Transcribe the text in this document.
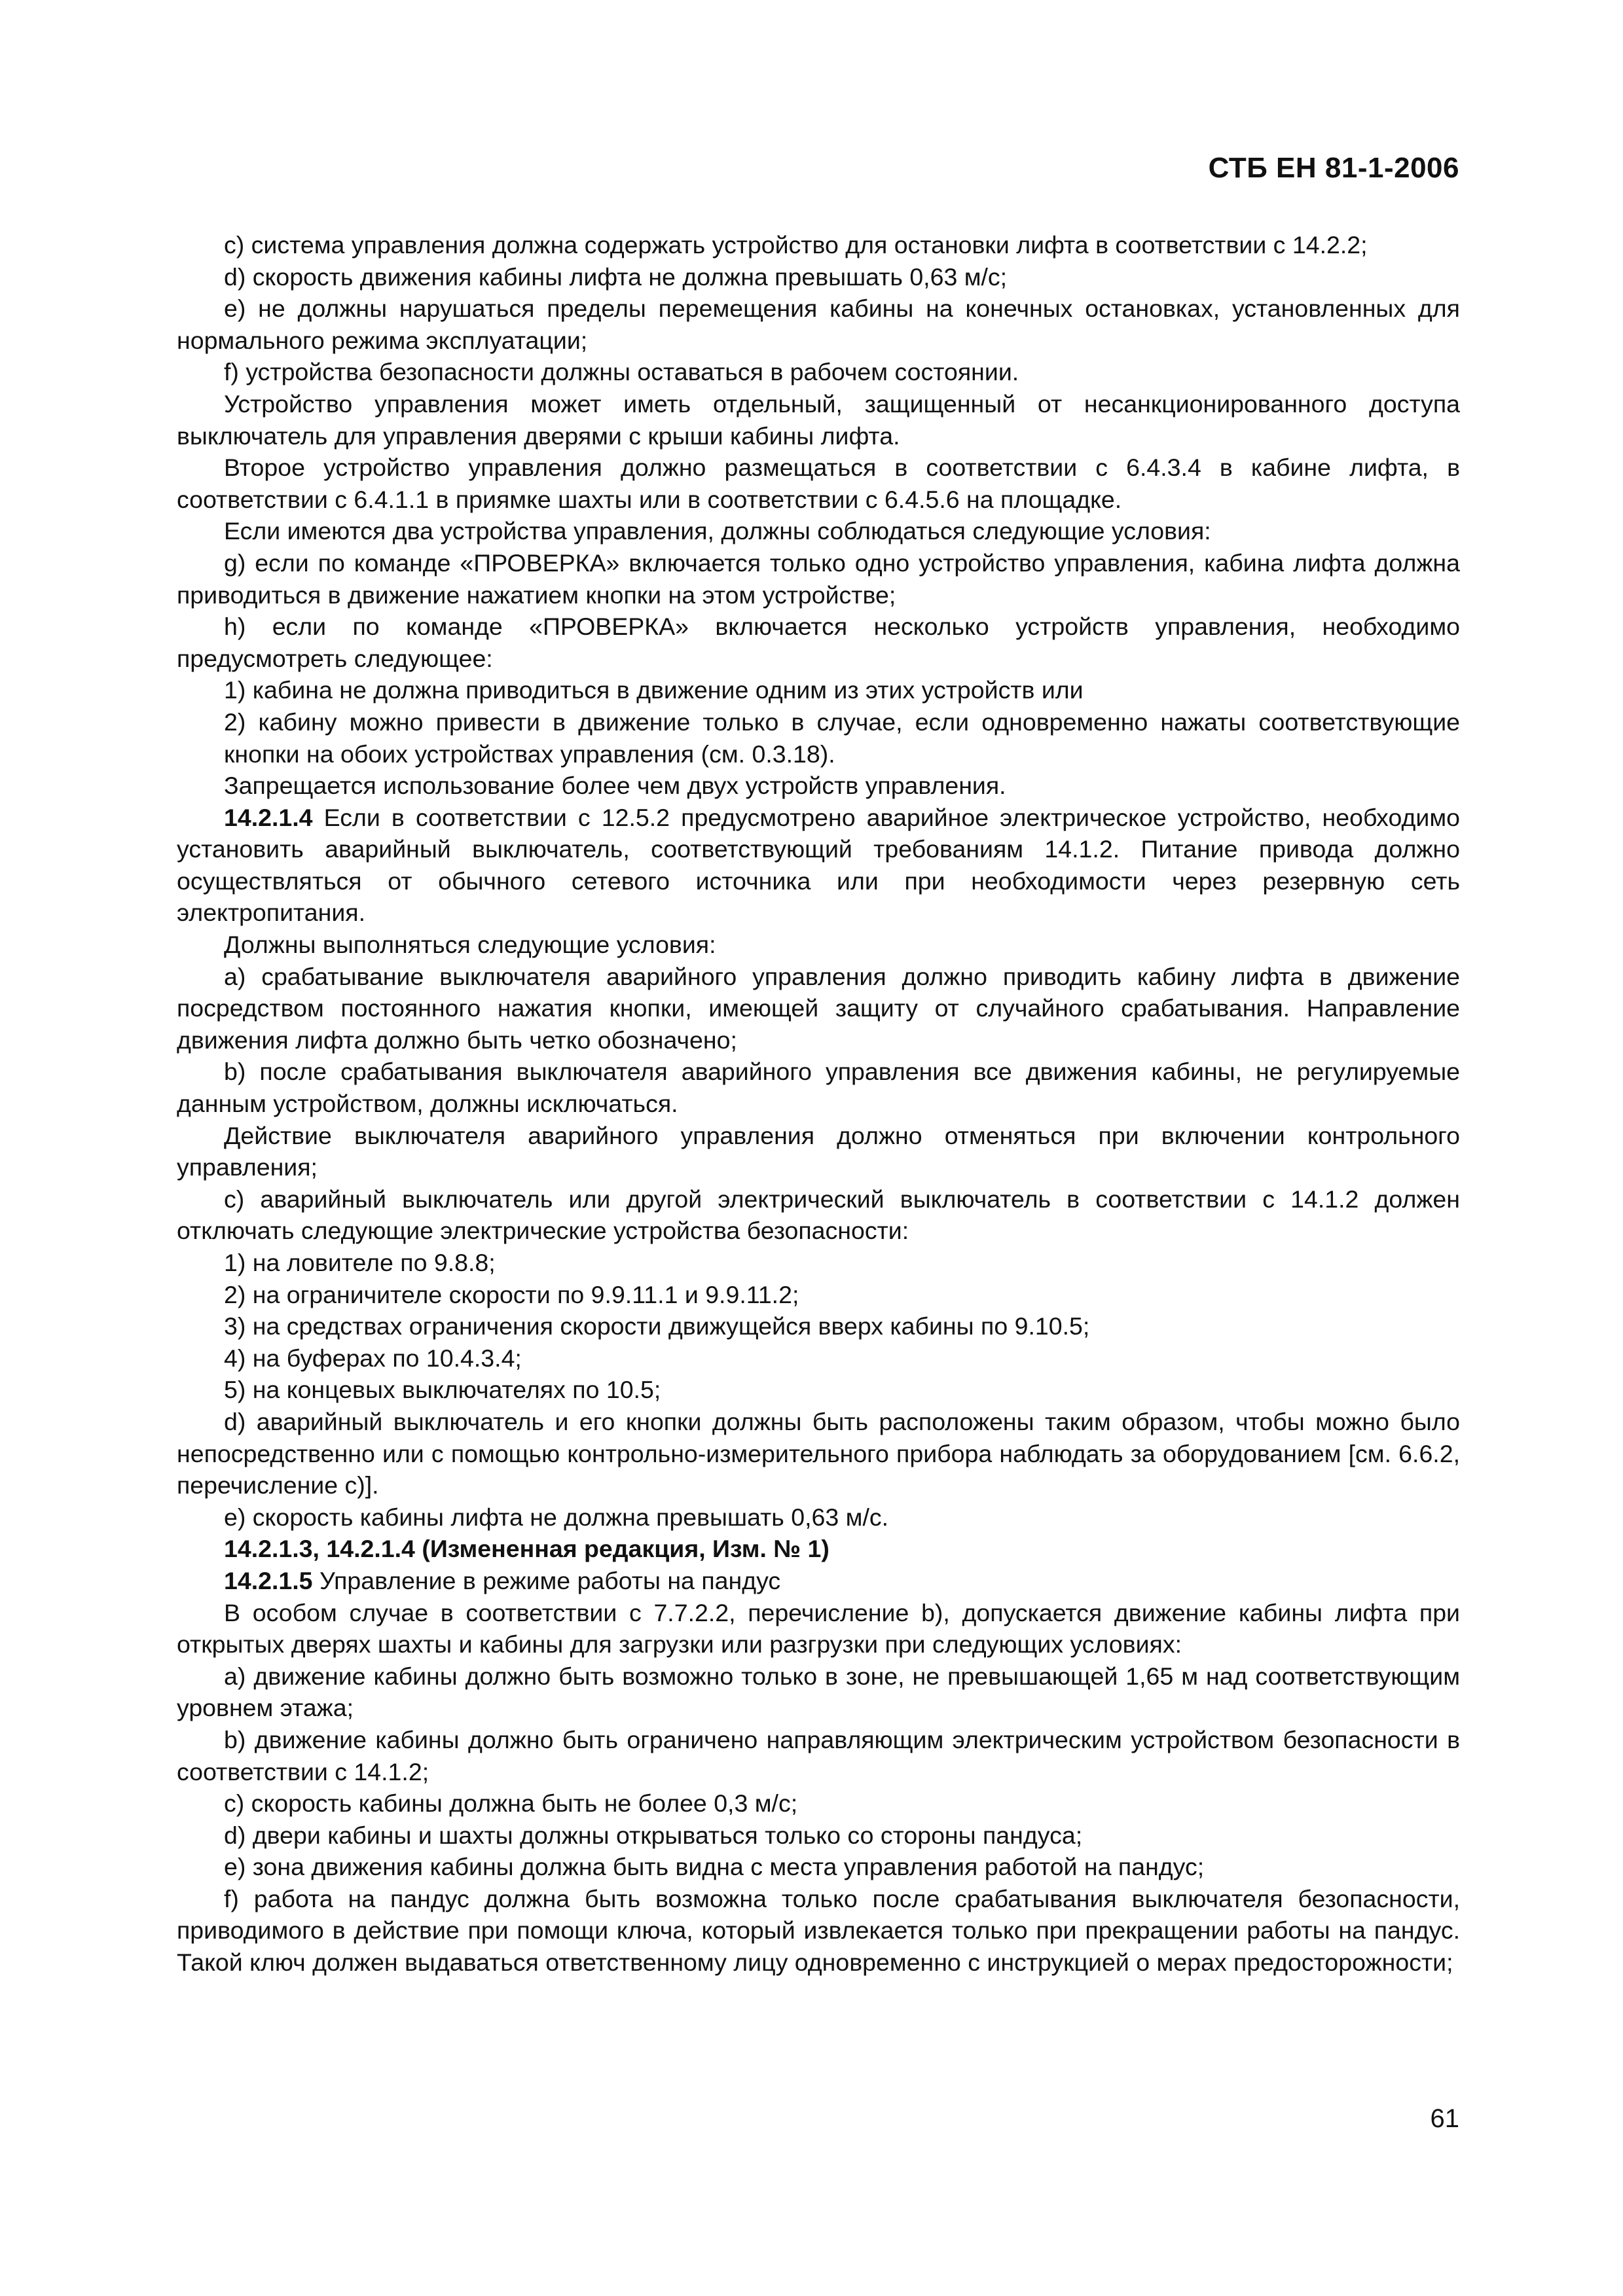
СТБ ЕН 81-1-2006

c) система управления должна содержать устройство для остановки лифта в соответствии с 14.2.2;

d) скорость движения кабины лифта не должна превышать 0,63 м/с;

e) не должны нарушаться пределы перемещения кабины на конечных остановках, установленных для нормального режима эксплуатации;

f) устройства безопасности должны оставаться в рабочем состоянии.

Устройство управления может иметь отдельный, защищенный от несанкционированного доступа выключатель для управления дверями с крыши кабины лифта.

Второе устройство управления должно размещаться в соответствии с 6.4.3.4 в кабине лифта, в соответствии с 6.4.1.1 в приямке шахты или в соответствии с 6.4.5.6 на площадке.

Если имеются два устройства управления, должны соблюдаться следующие условия:

g) если по команде «ПРОВЕРКА» включается только одно устройство управления, кабина лифта должна приводиться в движение нажатием кнопки на этом устройстве;

h) если по команде «ПРОВЕРКА» включается несколько устройств управления, необходимо предусмотреть следующее:

1) кабина не должна приводиться в движение одним из этих устройств или

2) кабину можно привести в движение только в случае, если одновременно нажаты соответствующие кнопки на обоих устройствах управления (см. 0.3.18).

Запрещается использование более чем двух устройств управления.

14.2.1.4 Если в соответствии с 12.5.2 предусмотрено аварийное электрическое устройство, необходимо установить аварийный выключатель, соответствующий требованиям 14.1.2. Питание привода должно осуществляться от обычного сетевого источника или при необходимости через резервную сеть электропитания.

Должны выполняться следующие условия:

a) срабатывание выключателя аварийного управления должно приводить кабину лифта в движение посредством постоянного нажатия кнопки, имеющей защиту от случайного срабатывания. Направление движения лифта должно быть четко обозначено;

b) после срабатывания выключателя аварийного управления все движения кабины, не регулируемые данным устройством, должны исключаться.

Действие выключателя аварийного управления должно отменяться при включении контрольного управления;

c) аварийный выключатель или другой электрический выключатель в соответствии с 14.1.2 должен отключать следующие электрические устройства безопасности:

1) на ловителе по 9.8.8;

2) на ограничителе скорости по 9.9.11.1 и 9.9.11.2;

3) на средствах ограничения скорости движущейся вверх кабины по 9.10.5;

4) на буферах по 10.4.3.4;

5) на концевых выключателях по 10.5;

d) аварийный выключатель и его кнопки должны быть расположены таким образом, чтобы можно было непосредственно или с помощью контрольно-измерительного прибора наблюдать за оборудованием [см. 6.6.2, перечисление c)].

e) скорость кабины лифта не должна превышать 0,63 м/с.

14.2.1.3, 14.2.1.4 (Измененная редакция, Изм. № 1)

14.2.1.5 Управление в режиме работы на пандус

В особом случае в соответствии с 7.7.2.2, перечисление b), допускается движение кабины лифта при открытых дверях шахты и кабины для загрузки или разгрузки при следующих условиях:

a) движение кабины должно быть возможно только в зоне, не превышающей 1,65 м над соответствующим уровнем этажа;

b) движение кабины должно быть ограничено направляющим электрическим устройством безопасности в соответствии с 14.1.2;

c) скорость кабины должна быть не более 0,3 м/с;

d) двери кабины и шахты должны открываться только со стороны пандуса;

e) зона движения кабины должна быть видна с места управления работой на пандус;

f) работа на пандус должна быть возможна только после срабатывания выключателя безопасности, приводимого в действие при помощи ключа, который извлекается только при прекращении работы на пандус. Такой ключ должен выдаваться ответственному лицу одновременно с инструкцией о мерах предосторожности;

61
